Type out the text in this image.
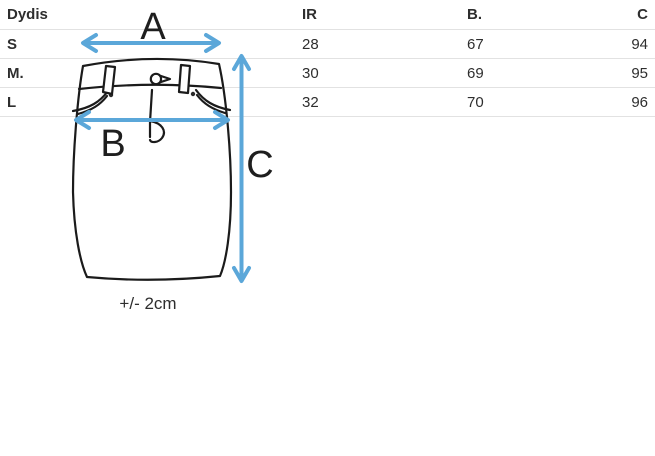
Dydis	IR	B.	C
S	28	67	94
M.	30	69	95
L	32	70	96
A
B	C
+/- 2cm
